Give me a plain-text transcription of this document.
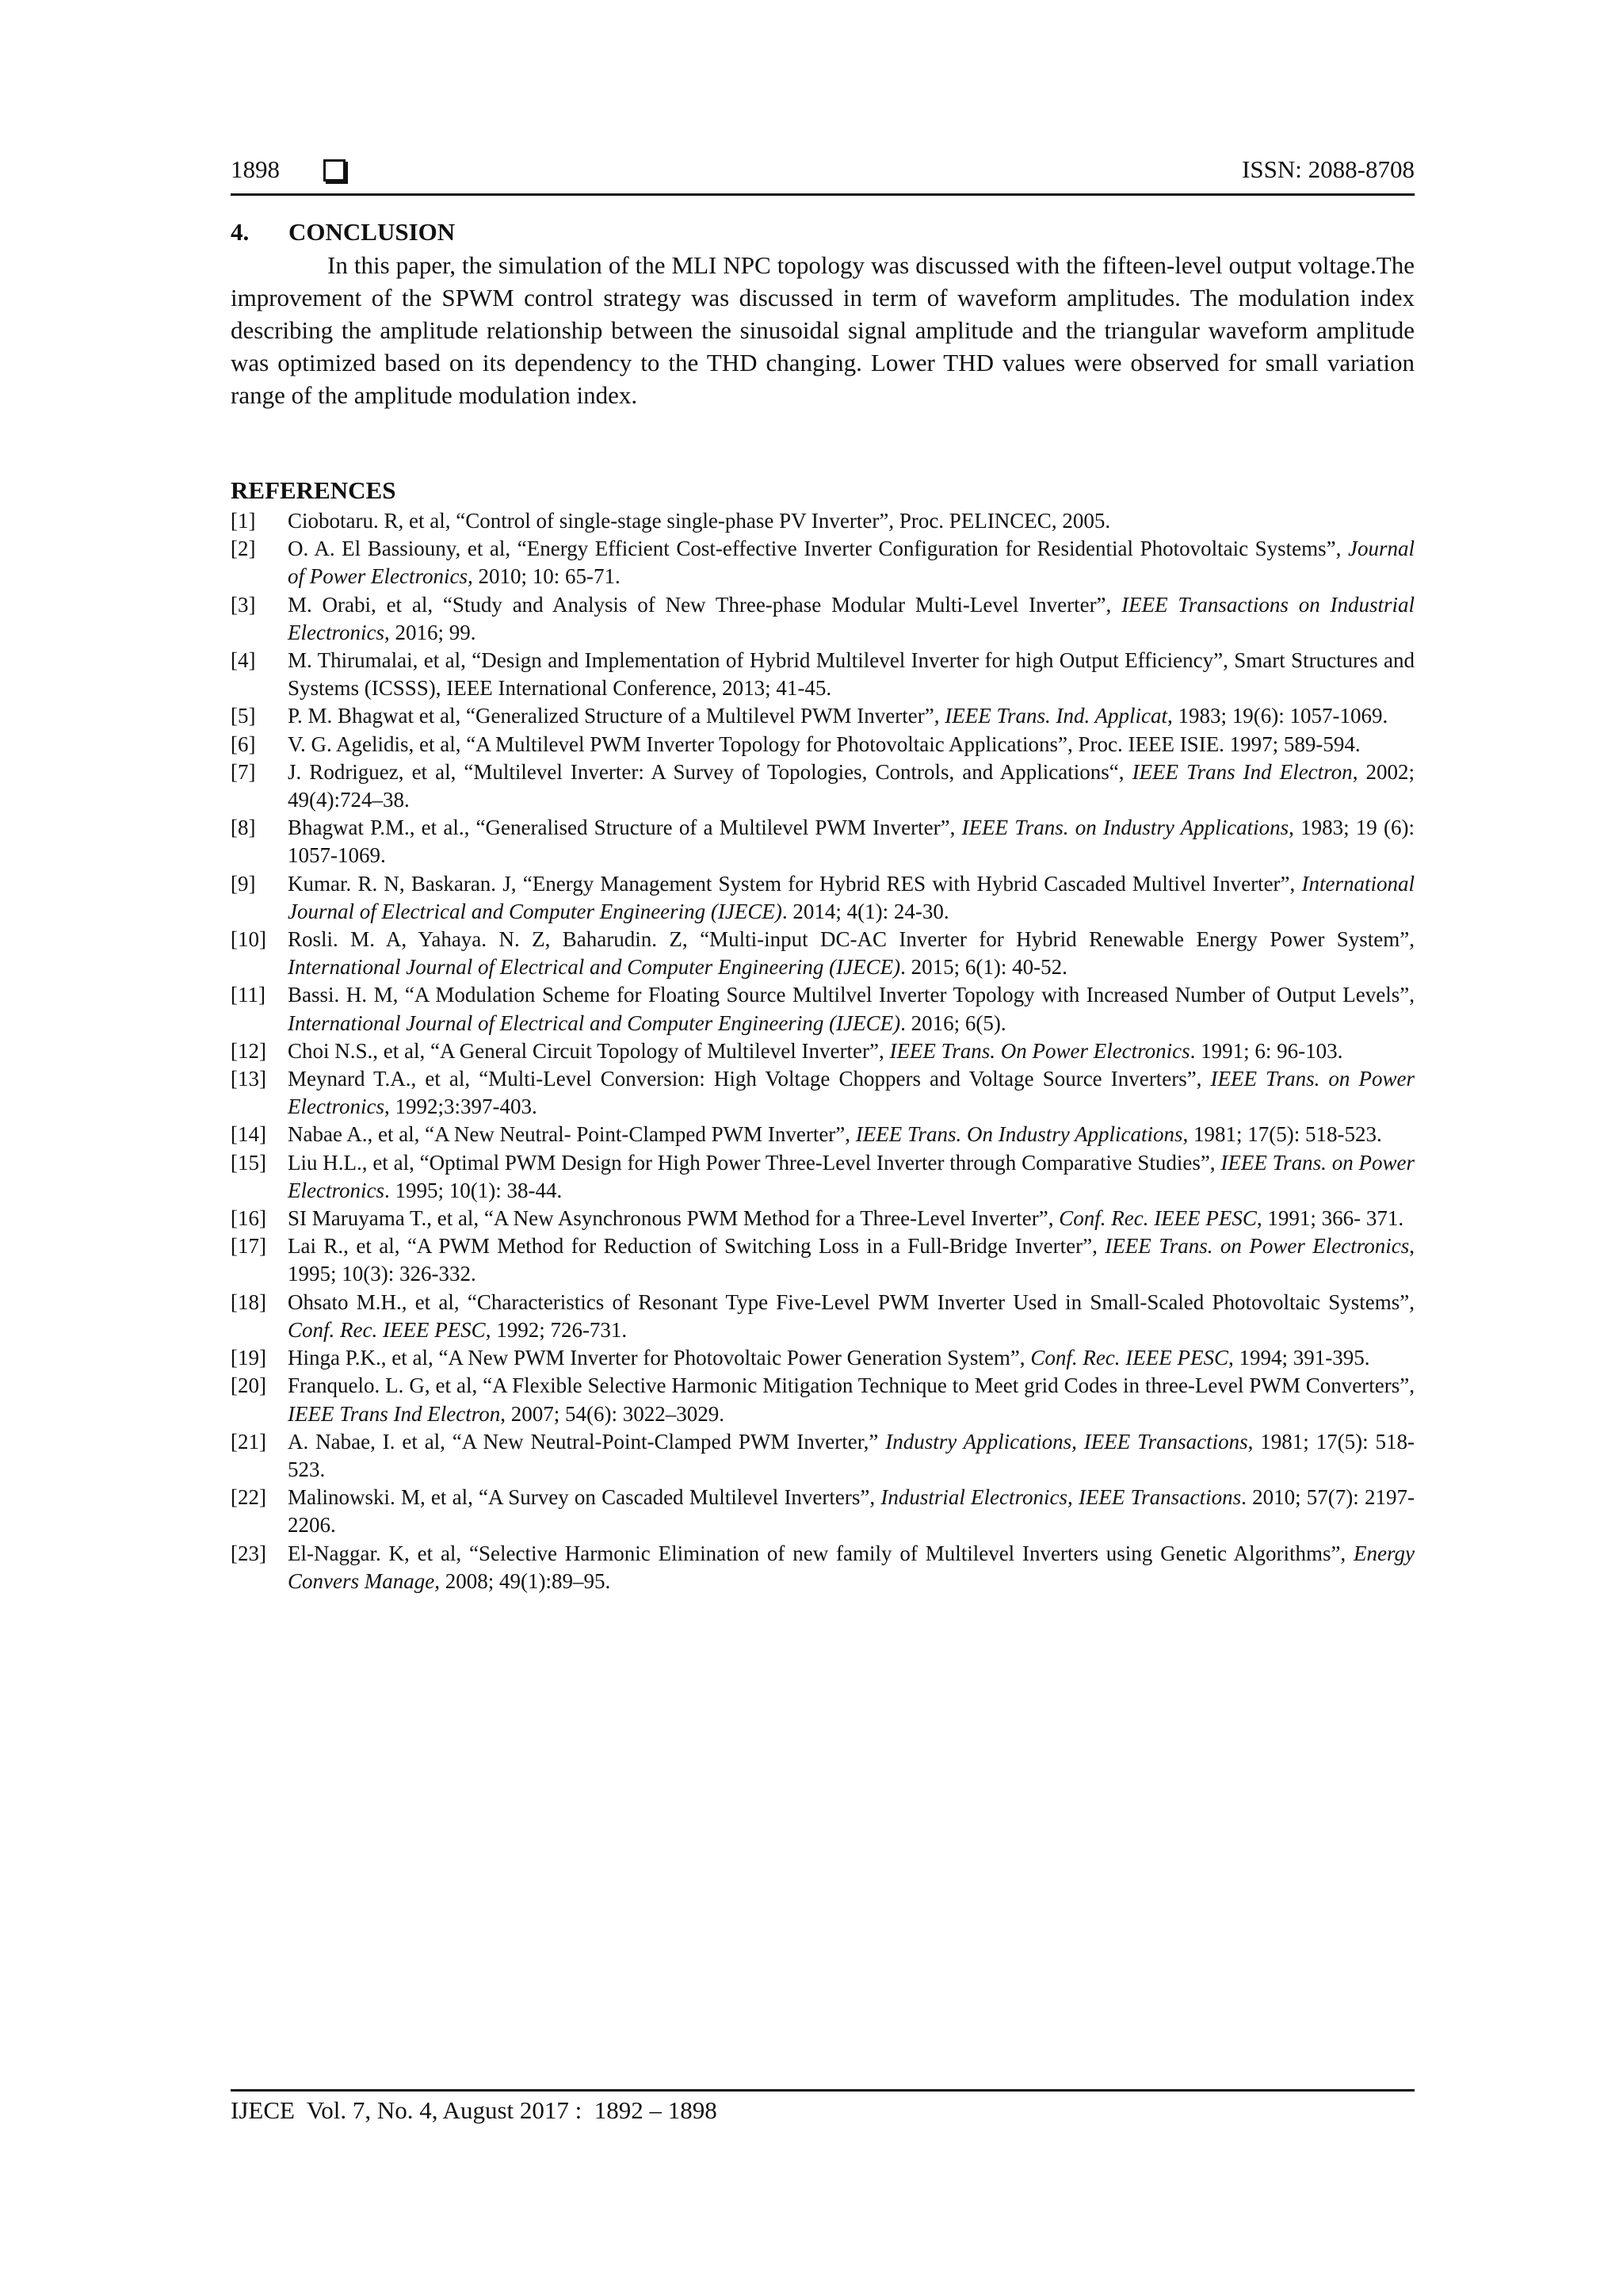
1898	ISSN: 2088-8708
4. CONCLUSION

In this paper, the simulation of the MLI NPC topology was discussed with the fifteen-level output voltage.The improvement of the SPWM control strategy was discussed in term of waveform amplitudes. The modulation index describing the amplitude relationship between the sinusoidal signal amplitude and the triangular waveform amplitude was optimized based on its dependency to the THD changing. Lower THD values were observed for small variation range of the amplitude modulation index.

REFERENCES
[1]	Ciobotaru. R, et al, “Control of single-stage single-phase PV Inverter”, Proc. PELINCEC, 2005.
[2]	O. A. El Bassiouny, et al, “Energy Efficient Cost-effective Inverter Configuration for Residential Photovoltaic Systems”, Journal of Power Electronics, 2010; 10: 65-71.
[3]	M. Orabi, et al, “Study and Analysis of New Three-phase Modular Multi-Level Inverter”, IEEE Transactions on Industrial Electronics, 2016; 99.
[4]	M. Thirumalai, et al, “Design and Implementation of Hybrid Multilevel Inverter for high Output Efficiency”, Smart Structures and Systems (ICSSS), IEEE International Conference, 2013; 41-45.
[5]	P. M. Bhagwat et al, “Generalized Structure of a Multilevel PWM Inverter”, IEEE Trans. Ind. Applicat, 1983; 19(6): 1057-1069.
[6]	V. G. Agelidis, et al, “A Multilevel PWM Inverter Topology for Photovoltaic Applications”, Proc. IEEE ISIE. 1997; 589-594.
[7]	J. Rodriguez, et al, “Multilevel Inverter: A Survey of Topologies, Controls, and Applications“, IEEE Trans Ind Electron, 2002; 49(4):724–38.
[8]	Bhagwat P.M., et al., “Generalised Structure of a Multilevel PWM Inverter”, IEEE Trans. on Industry Applications, 1983; 19 (6): 1057-1069.
[9]	Kumar. R. N, Baskaran. J, “Energy Management System for Hybrid RES with Hybrid Cascaded Multivel Inverter”, International Journal of Electrical and Computer Engineering (IJECE). 2014; 4(1): 24-30.
[10]	Rosli. M. A, Yahaya. N. Z, Baharudin. Z, “Multi-input DC-AC Inverter for Hybrid Renewable Energy Power System”, International Journal of Electrical and Computer Engineering (IJECE). 2015; 6(1): 40-52.
[11]	Bassi. H. M, “A Modulation Scheme for Floating Source Multilvel Inverter Topology with Increased Number of Output Levels”, International Journal of Electrical and Computer Engineering (IJECE). 2016; 6(5).
[12]	Choi N.S., et al, “A General Circuit Topology of Multilevel Inverter”, IEEE Trans. On Power Electronics. 1991; 6: 96-103.
[13]	Meynard T.A., et al, “Multi-Level Conversion: High Voltage Choppers and Voltage Source Inverters”, IEEE Trans. on Power Electronics, 1992;3:397-403.
[14]	Nabae A., et al, “A New Neutral- Point-Clamped PWM Inverter”, IEEE Trans. On Industry Applications, 1981; 17(5): 518-523.
[15]	Liu H.L., et al, “Optimal PWM Design for High Power Three-Level Inverter through Comparative Studies”, IEEE Trans. on Power Electronics. 1995; 10(1): 38-44.
[16]	SI Maruyama T., et al, “A New Asynchronous PWM Method for a Three-Level Inverter”, Conf. Rec. IEEE PESC, 1991; 366- 371.
[17]	Lai R., et al, “A PWM Method for Reduction of Switching Loss in a Full-Bridge Inverter”, IEEE Trans. on Power Electronics, 1995; 10(3): 326-332.
[18]	Ohsato M.H., et al, “Characteristics of Resonant Type Five-Level PWM Inverter Used in Small-Scaled Photovoltaic Systems”, Conf. Rec. IEEE PESC, 1992; 726-731.
[19]	Hinga P.K., et al, “A New PWM Inverter for Photovoltaic Power Generation System”, Conf. Rec. IEEE PESC, 1994; 391-395.
[20]	Franquelo. L. G, et al, “A Flexible Selective Harmonic Mitigation Technique to Meet grid Codes in three-Level PWM Converters”, IEEE Trans Ind Electron, 2007; 54(6): 3022–3029.
[21]	A. Nabae, I. et al, “A New Neutral-Point-Clamped PWM Inverter,” Industry Applications, IEEE Transactions, 1981; 17(5): 518-523.
[22]	Malinowski. M, et al, “A Survey on Cascaded Multilevel Inverters”, Industrial Electronics, IEEE Transactions. 2010; 57(7): 2197-2206.
[23]	El-Naggar. K, et al, “Selective Harmonic Elimination of new family of Multilevel Inverters using Genetic Algorithms”, Energy Convers Manage, 2008; 49(1):89–95.
IJECE  Vol. 7, No. 4, August 2017 :  1892 – 1898
